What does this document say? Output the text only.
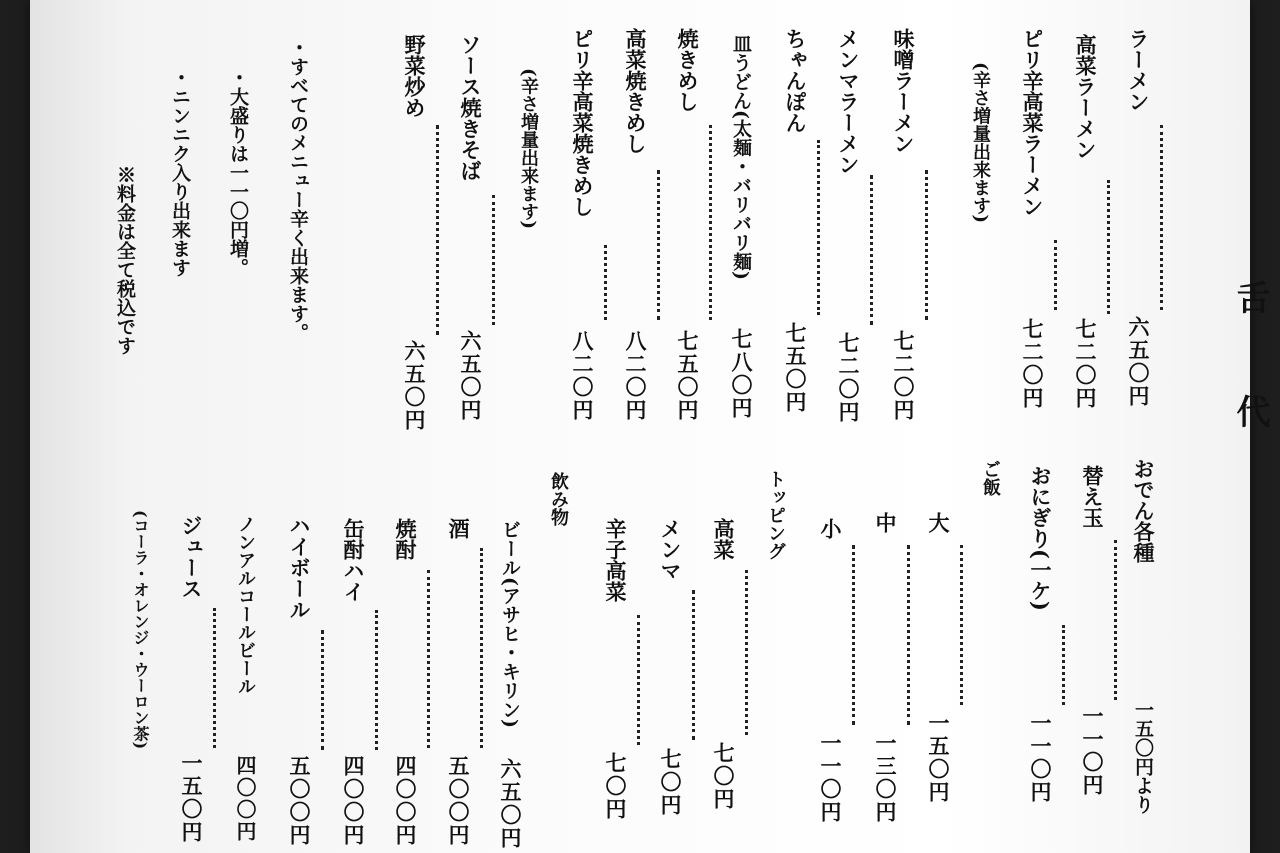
舌 代
ラーメン
六五〇円
高菜ラーメン
七二〇円
ピリ辛高菜ラーメン
七二〇円
(辛さ増量出来ます)
味噌ラーメン
七二〇円
メンマラーメン
七二〇円
ちゃんぽん
七五〇円
皿うどん(太麺・バリバリ麺)
七八〇円
焼きめし
七五〇円
高菜焼きめし
八二〇円
ピリ辛高菜焼きめし
八二〇円
(辛さ増量出来ます)
ソース焼きそば
六五〇円
野菜炒め
六五〇円
・すべてのメニュー辛く出来ます。
・大盛りは一一〇円増。
・ニンニク入り出来ます
※料金は全て税込です
おでん各種
一五〇円より
替え玉
一一〇円
おにぎり(一ケ)
一一〇円
ご飯
大
一五〇円
中
一三〇円
小
一一〇円
トッピング
高菜
七〇円
メンマ
七〇円
辛子高菜
七〇円
飲み物
ビール(アサヒ・キリン)
六五〇円
酒
五〇〇円
焼酎
四〇〇円
缶酎ハイ
四〇〇円
ハイボール
五〇〇円
ノンアルコールビール
四〇〇円
ジュース
一五〇円
(コーラ・オレンジ・ウーロン茶)
